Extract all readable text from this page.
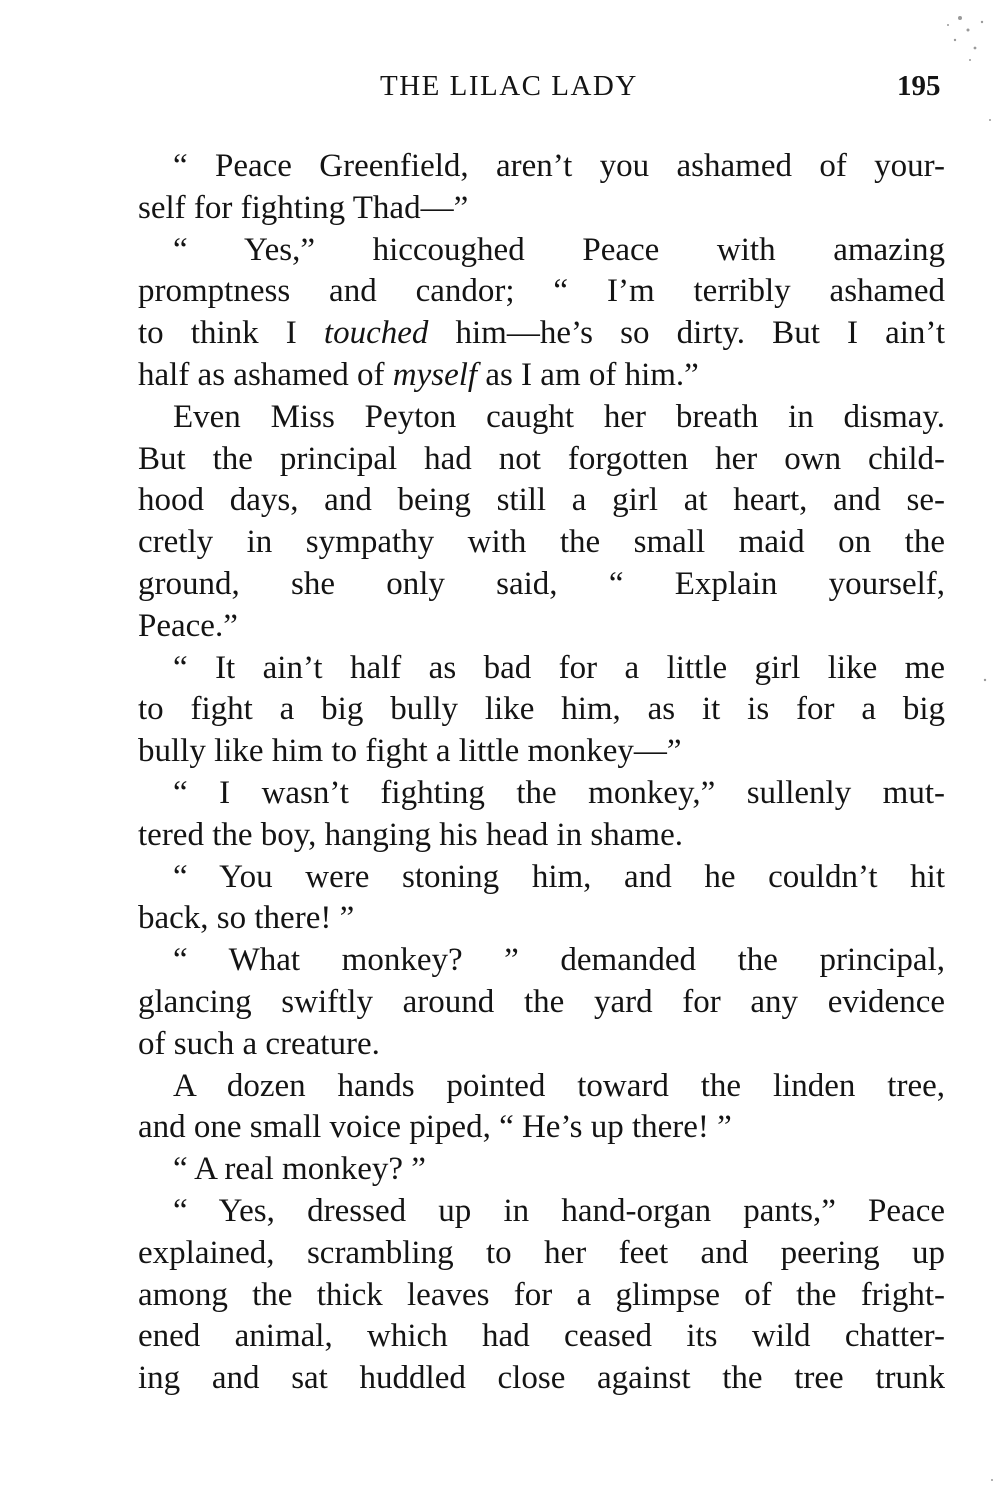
THE LILAC LADY	195
“ Peace Greenfield, aren’t you ashamed of your-
self for fighting Thad—”
“ Yes,” hiccoughed Peace with amazing
promptness and candor; “ I’m terribly ashamed
to think I touched him—he’s so dirty. But I ain’t
half as ashamed of myself as I am of him.”
Even Miss Peyton caught her breath in dismay.
But the principal had not forgotten her own child-
hood days, and being still a girl at heart, and se-
cretly in sympathy with the small maid on the
ground, she only said, “ Explain yourself,
Peace.”
“ It ain’t half as bad for a little girl like me
to fight a big bully like him, as it is for a big
bully like him to fight a little monkey—”
“ I wasn’t fighting the monkey,” sullenly mut-
tered the boy, hanging his head in shame.
“ You were stoning him, and he couldn’t hit
back, so there! ”
“ What monkey? ” demanded the principal,
glancing swiftly around the yard for any evidence
of such a creature.
A dozen hands pointed toward the linden tree,
and one small voice piped, “ He’s up there! ”
“ A real monkey? ”
“ Yes, dressed up in hand-organ pants,” Peace
explained, scrambling to her feet and peering up
among the thick leaves for a glimpse of the fright-
ened animal, which had ceased its wild chatter-
ing and sat huddled close against the tree trunk
